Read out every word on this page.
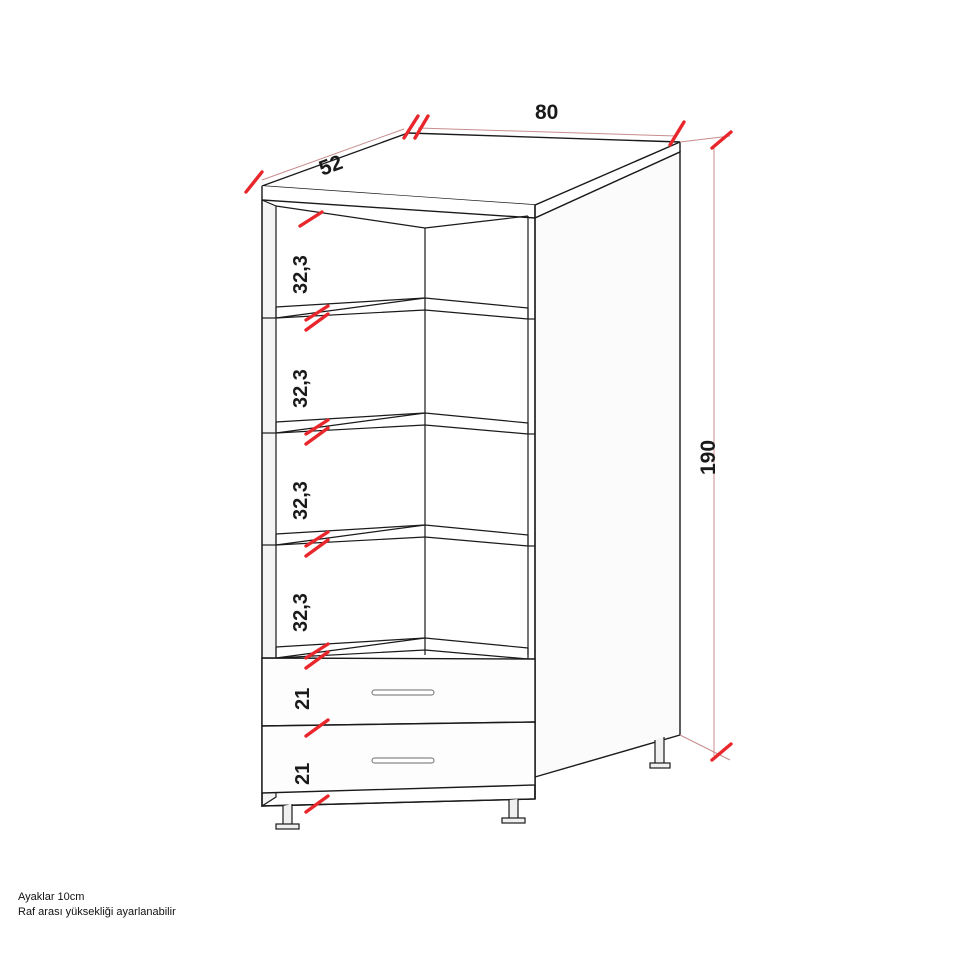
80
52
190
32,3
32,3
32,3
32,3
21
21
Ayaklar 10cm
Raf arası yüksekliği ayarlanabilir
